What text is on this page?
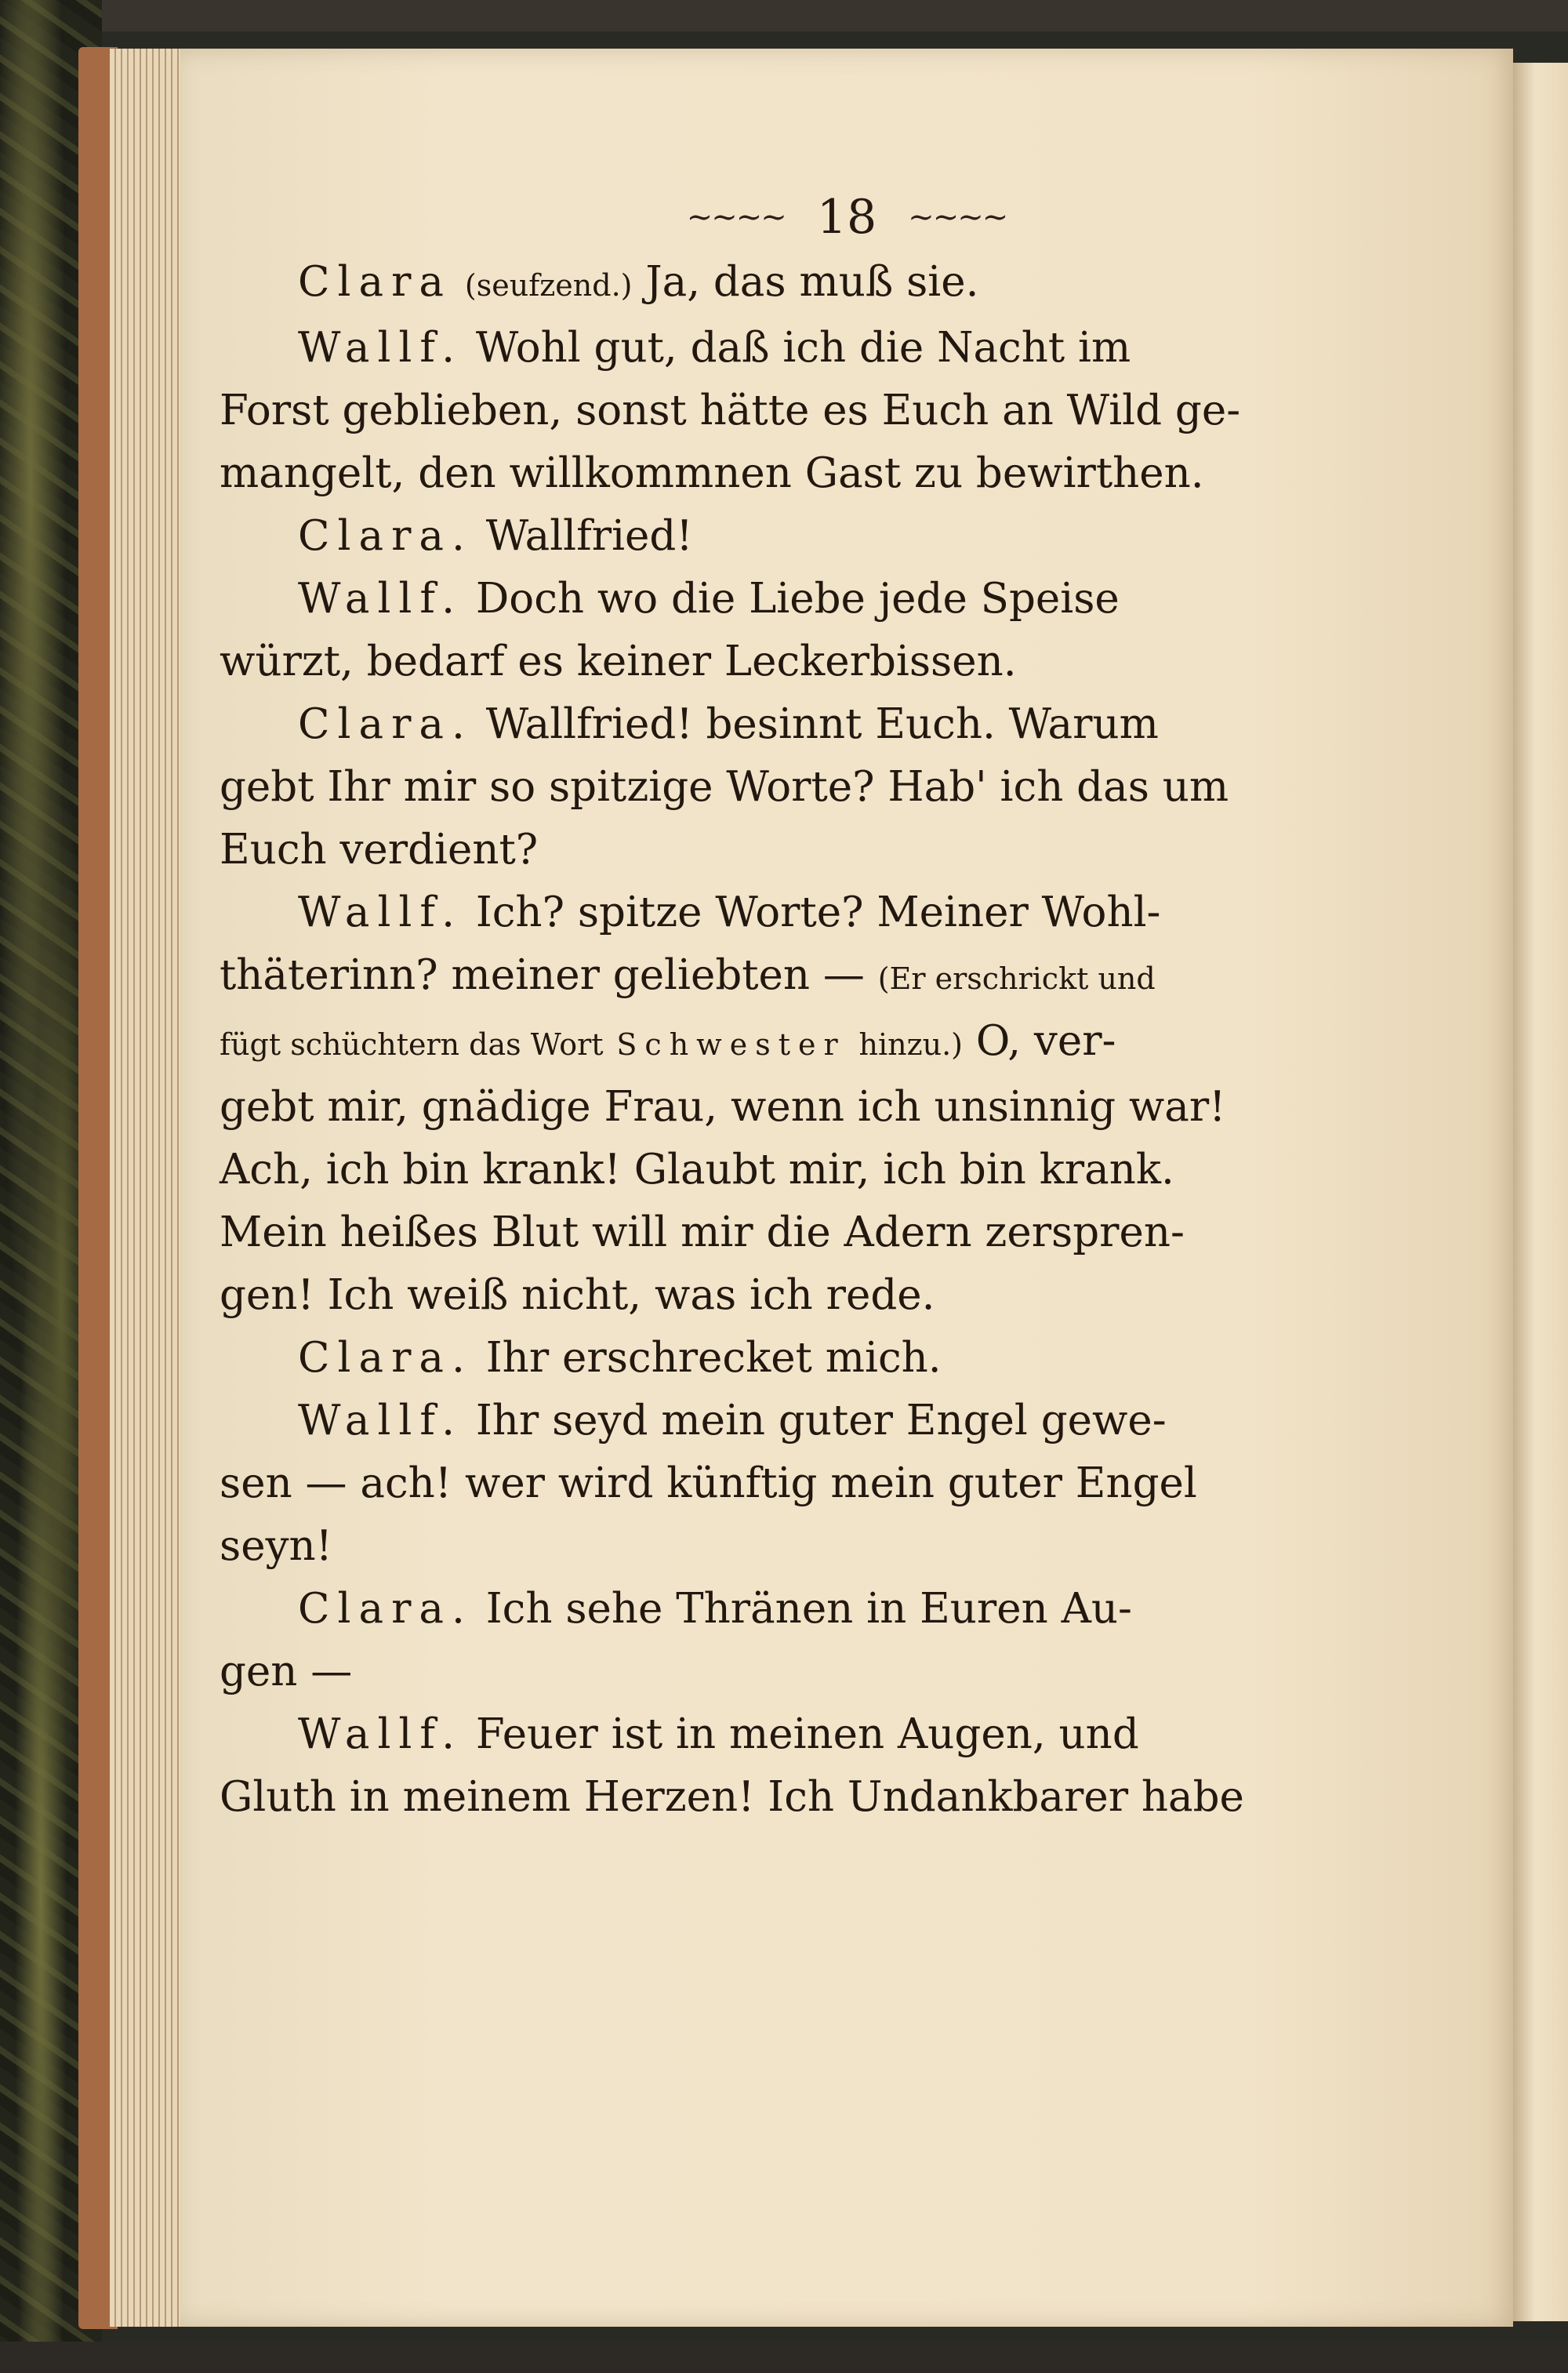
~~~~ 18 ~~~~
Clara (seufzend.) Ja, das muß sie.
Wallf. Wohl gut, daß ich die Nacht im
Forst geblieben, sonst hätte es Euch an Wild ge-
mangelt, den willkommnen Gast zu bewirthen.
Clara. Wallfried!
Wallf. Doch wo die Liebe jede Speise
würzt, bedarf es keiner Leckerbissen.
Clara. Wallfried! besinnt Euch. Warum
gebt Ihr mir so spitzige Worte? Hab' ich das um
Euch verdient?
Wallf. Ich? spitze Worte? Meiner Wohl-
thäterinn? meiner geliebten — (Er erschrickt und
fügt schüchtern das Wort Schwester hinzu.) O, ver-
gebt mir, gnädige Frau, wenn ich unsinnig war!
Ach, ich bin krank! Glaubt mir, ich bin krank.
Mein heißes Blut will mir die Adern zerspren-
gen! Ich weiß nicht, was ich rede.
Clara. Ihr erschrecket mich.
Wallf. Ihr seyd mein guter Engel gewe-
sen — ach! wer wird künftig mein guter Engel
seyn!
Clara. Ich sehe Thränen in Euren Au-
gen —
Wallf. Feuer ist in meinen Augen, und
Gluth in meinem Herzen! Ich Undankbarer habe
